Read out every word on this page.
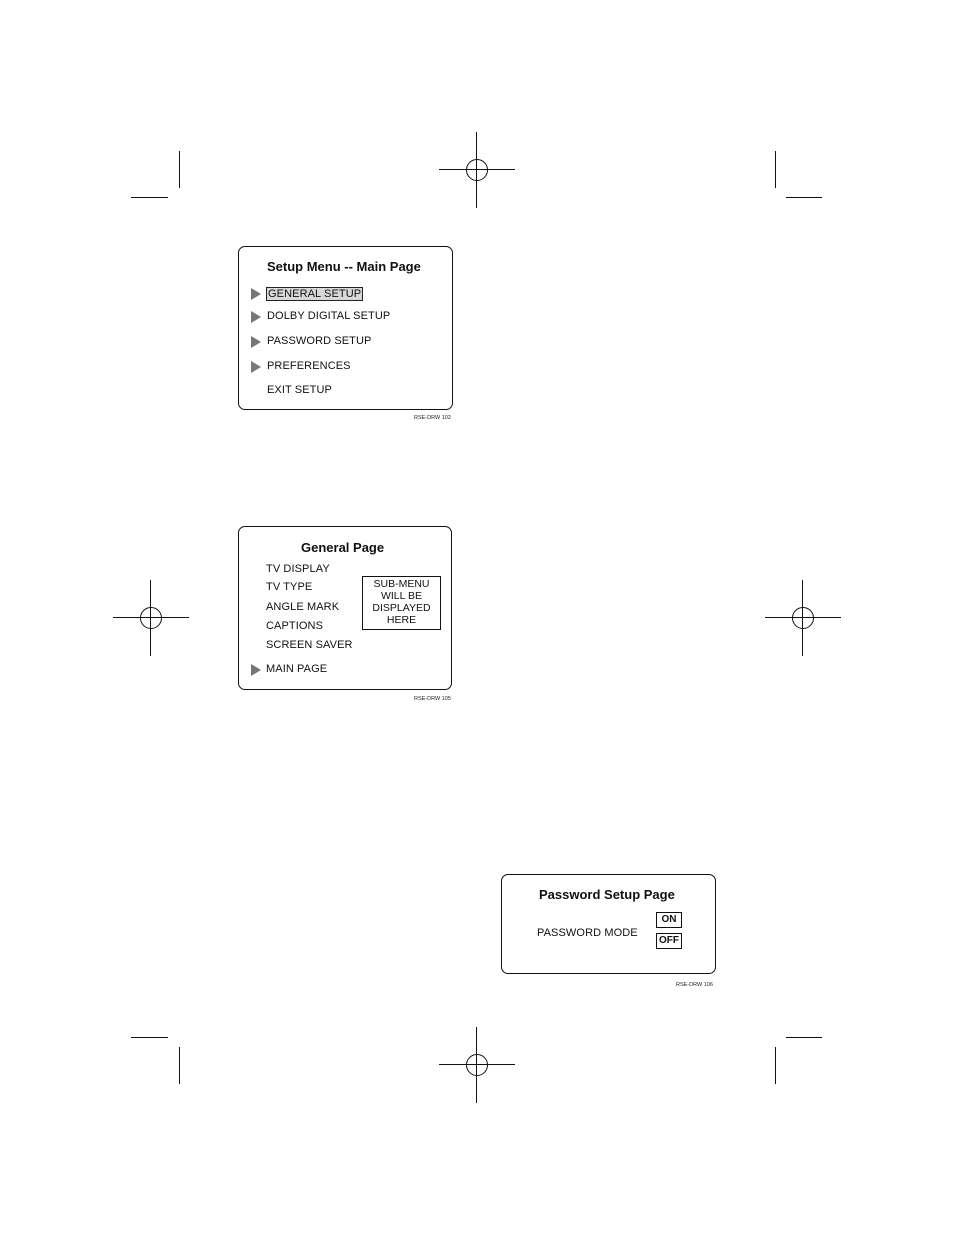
Setup Menu -- Main Page
GENERAL SETUP
DOLBY DIGITAL SETUP
PASSWORD SETUP
PREFERENCES
EXIT SETUP
RSE-DRW 102
General Page
TV DISPLAY
TV TYPE
ANGLE MARK
CAPTIONS
SCREEN SAVER
MAIN PAGE
SUB-MENU
WILL BE
DISPLAYED
HERE
RSE-DRW 105
Password Setup Page
PASSWORD MODE
ON
OFF
RSE-DRW 106
